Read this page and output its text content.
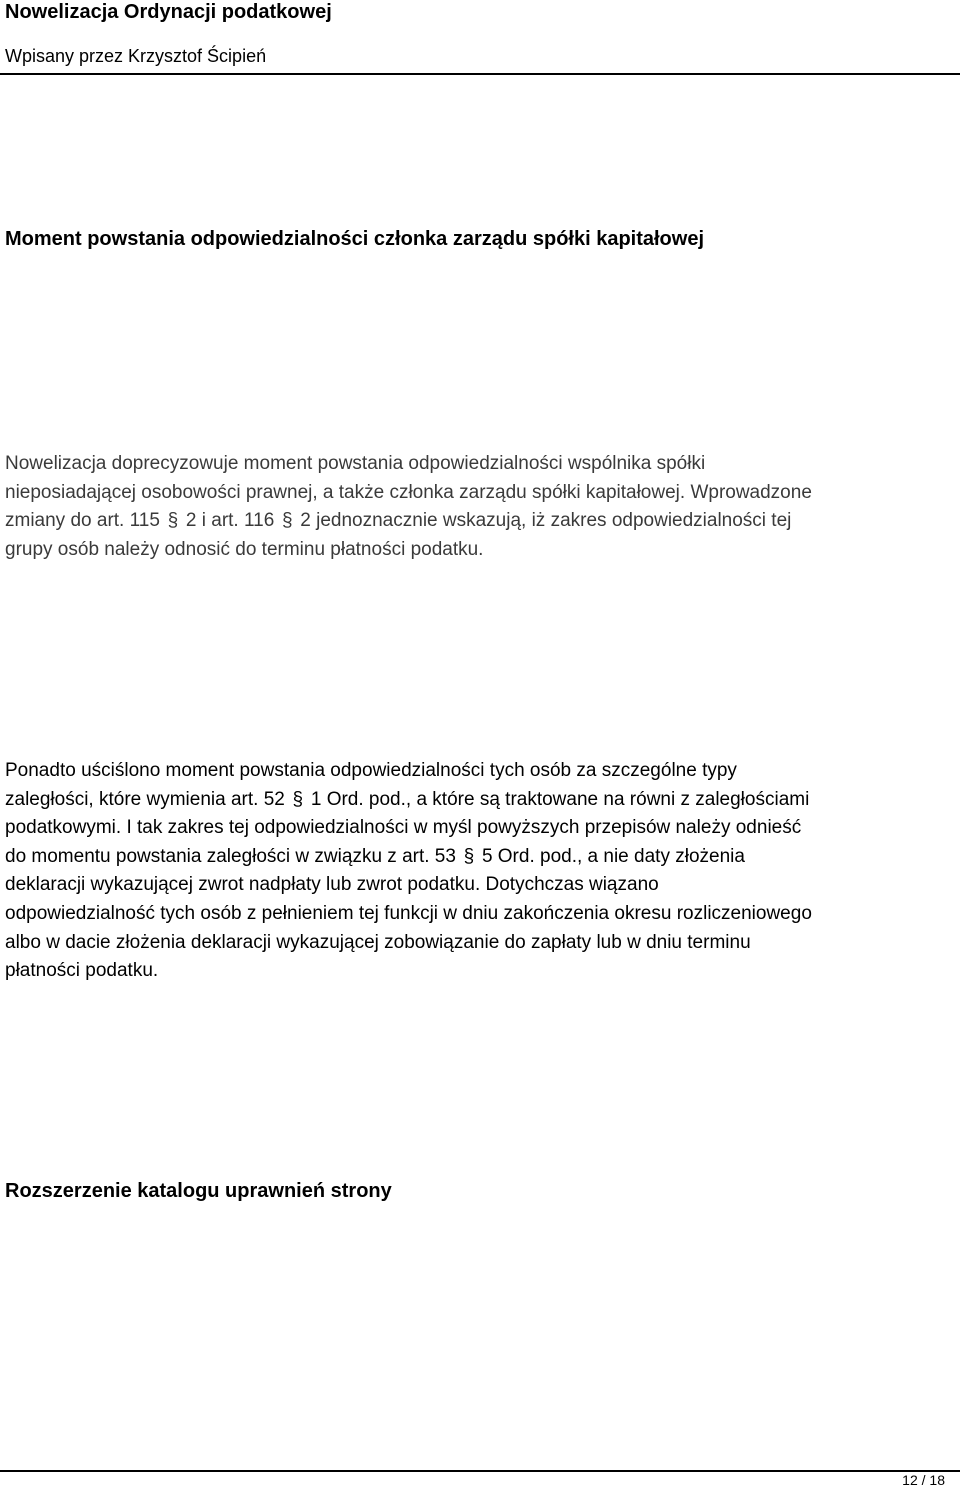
Nowelizacja Ordynacji podatkowej
Wpisany przez Krzysztof Ścipień
Moment powstania odpowiedzialności członka zarządu spółki kapitałowej
Nowelizacja doprecyzowuje moment powstania odpowiedzialności wspólnika spółki
nieposiadającej osobowości prawnej, a także członka zarządu spółki kapitałowej. Wprowadzone
zmiany do art. 115 § 2 i art. 116 § 2 jednoznacznie wskazują, iż zakres odpowiedzialności tej
grupy osób należy odnosić do terminu płatności podatku.
Ponadto uściślono moment powstania odpowiedzialności tych osób za szczególne typy
zaległości, które wymienia art. 52 § 1 Ord. pod., a które są traktowane na równi z zaległościami
podatkowymi. I tak zakres tej odpowiedzialności w myśl powyższych przepisów należy odnieść
do momentu powstania zaległości w związku z art. 53 § 5 Ord. pod., a nie daty złożenia
deklaracji wykazującej zwrot nadpłaty lub zwrot podatku. Dotychczas wiązano
odpowiedzialność tych osób z pełnieniem tej funkcji w dniu zakończenia okresu rozliczeniowego
albo w dacie złożenia deklaracji wykazującej zobowiązanie do zapłaty lub w dniu terminu
płatności podatku.
Rozszerzenie katalogu uprawnień strony
12 / 18
